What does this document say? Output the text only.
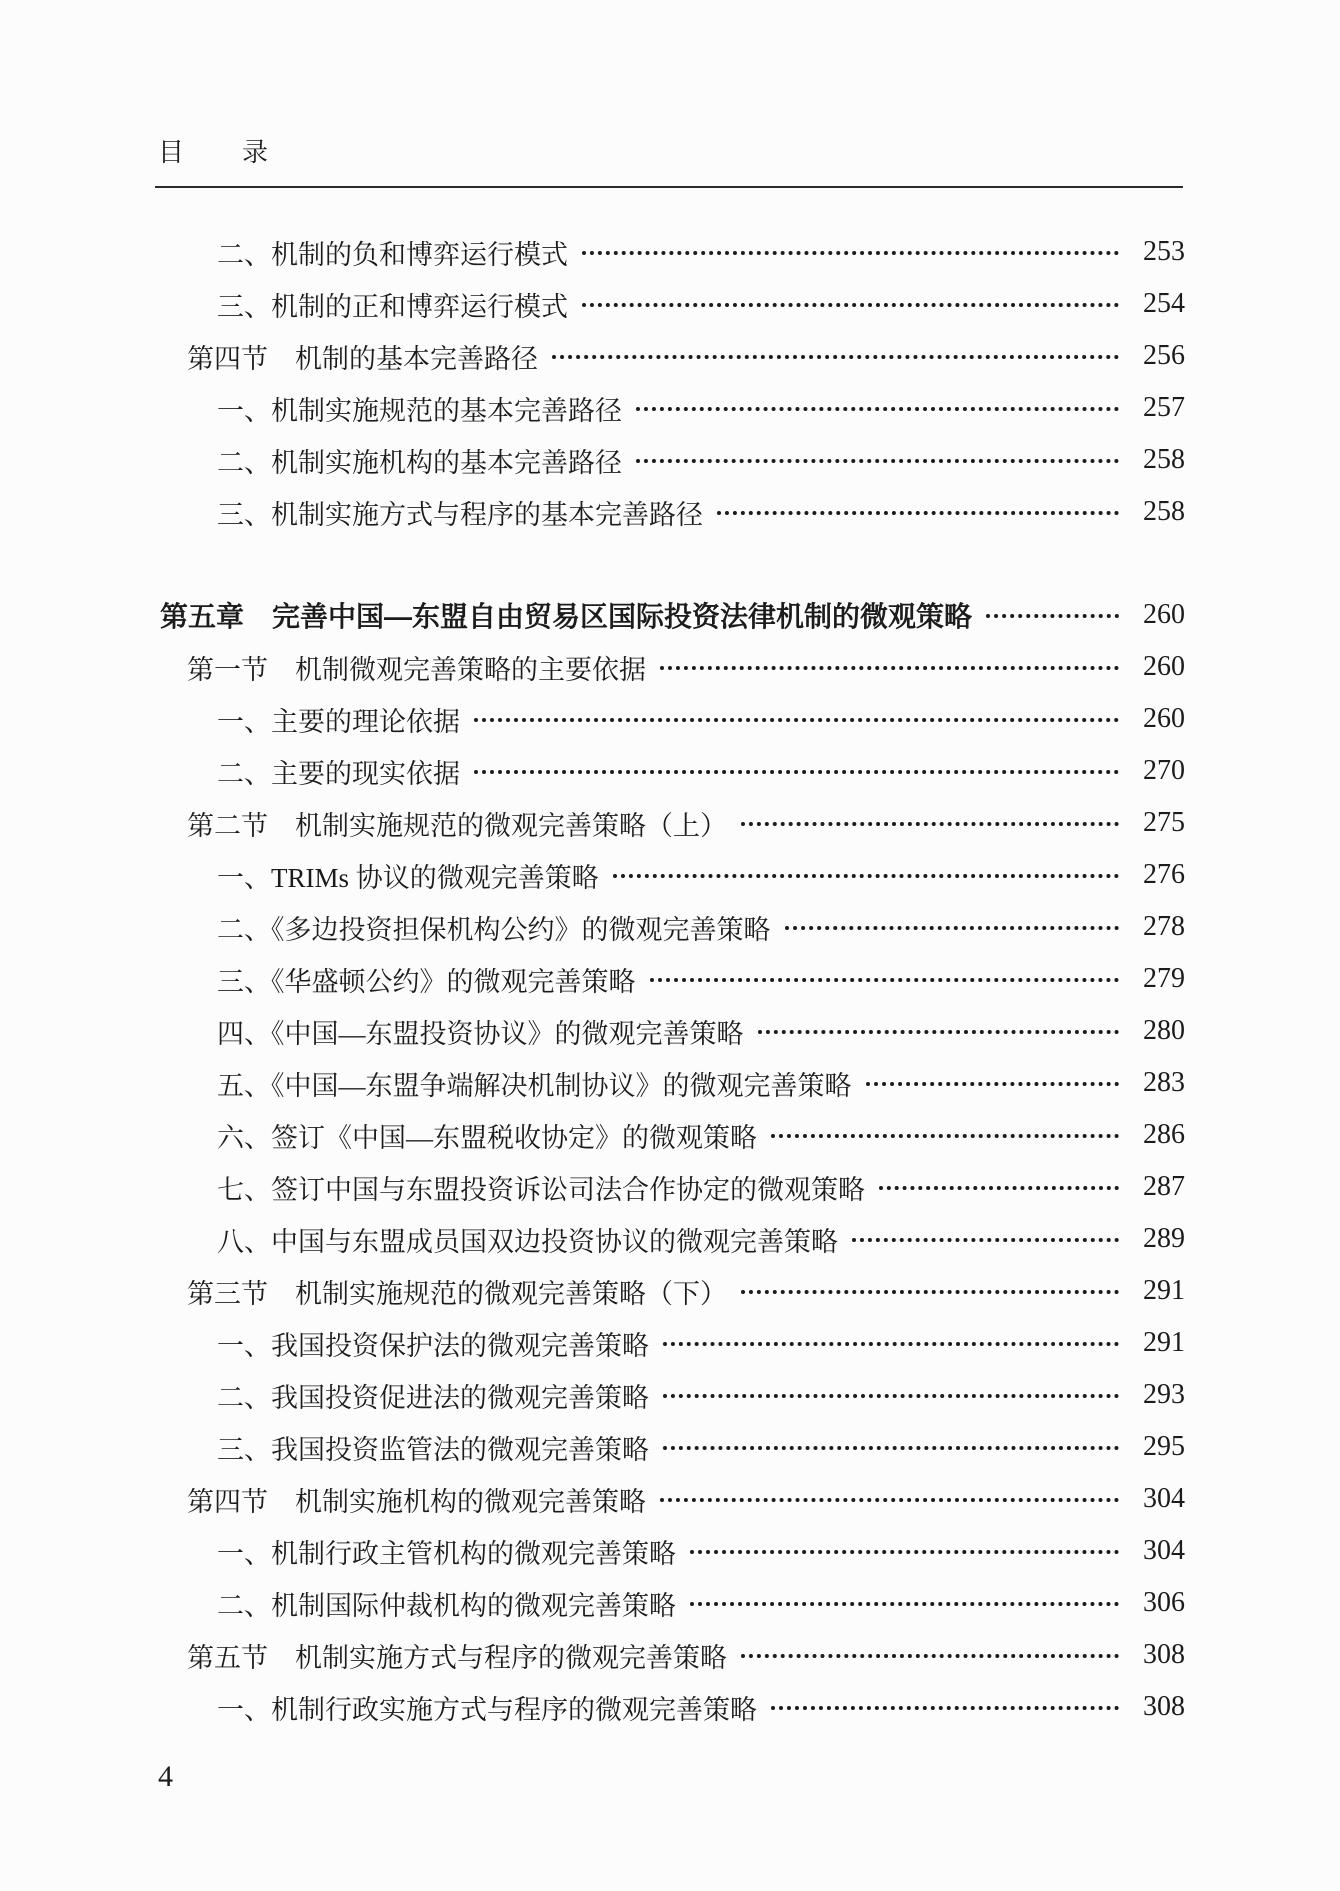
目　　录
二、机制的负和博弈运行模式	253
三、机制的正和博弈运行模式	254
第四节　机制的基本完善路径	256
一、机制实施规范的基本完善路径	257
二、机制实施机构的基本完善路径	258
三、机制实施方式与程序的基本完善路径	258
第五章　完善中国—东盟自由贸易区国际投资法律机制的微观策略	260
第一节　机制微观完善策略的主要依据	260
一、主要的理论依据	260
二、主要的现实依据	270
第二节　机制实施规范的微观完善策略（上）	275
一、TRIMs 协议的微观完善策略	276
二、《多边投资担保机构公约》的微观完善策略	278
三、《华盛顿公约》的微观完善策略	279
四、《中国—东盟投资协议》的微观完善策略	280
五、《中国—东盟争端解决机制协议》的微观完善策略	283
六、签订《中国—东盟税收协定》的微观策略	286
七、签订中国与东盟投资诉讼司法合作协定的微观策略	287
八、中国与东盟成员国双边投资协议的微观完善策略	289
第三节　机制实施规范的微观完善策略（下）	291
一、我国投资保护法的微观完善策略	291
二、我国投资促进法的微观完善策略	293
三、我国投资监管法的微观完善策略	295
第四节　机制实施机构的微观完善策略	304
一、机制行政主管机构的微观完善策略	304
二、机制国际仲裁机构的微观完善策略	306
第五节　机制实施方式与程序的微观完善策略	308
一、机制行政实施方式与程序的微观完善策略	308
4
